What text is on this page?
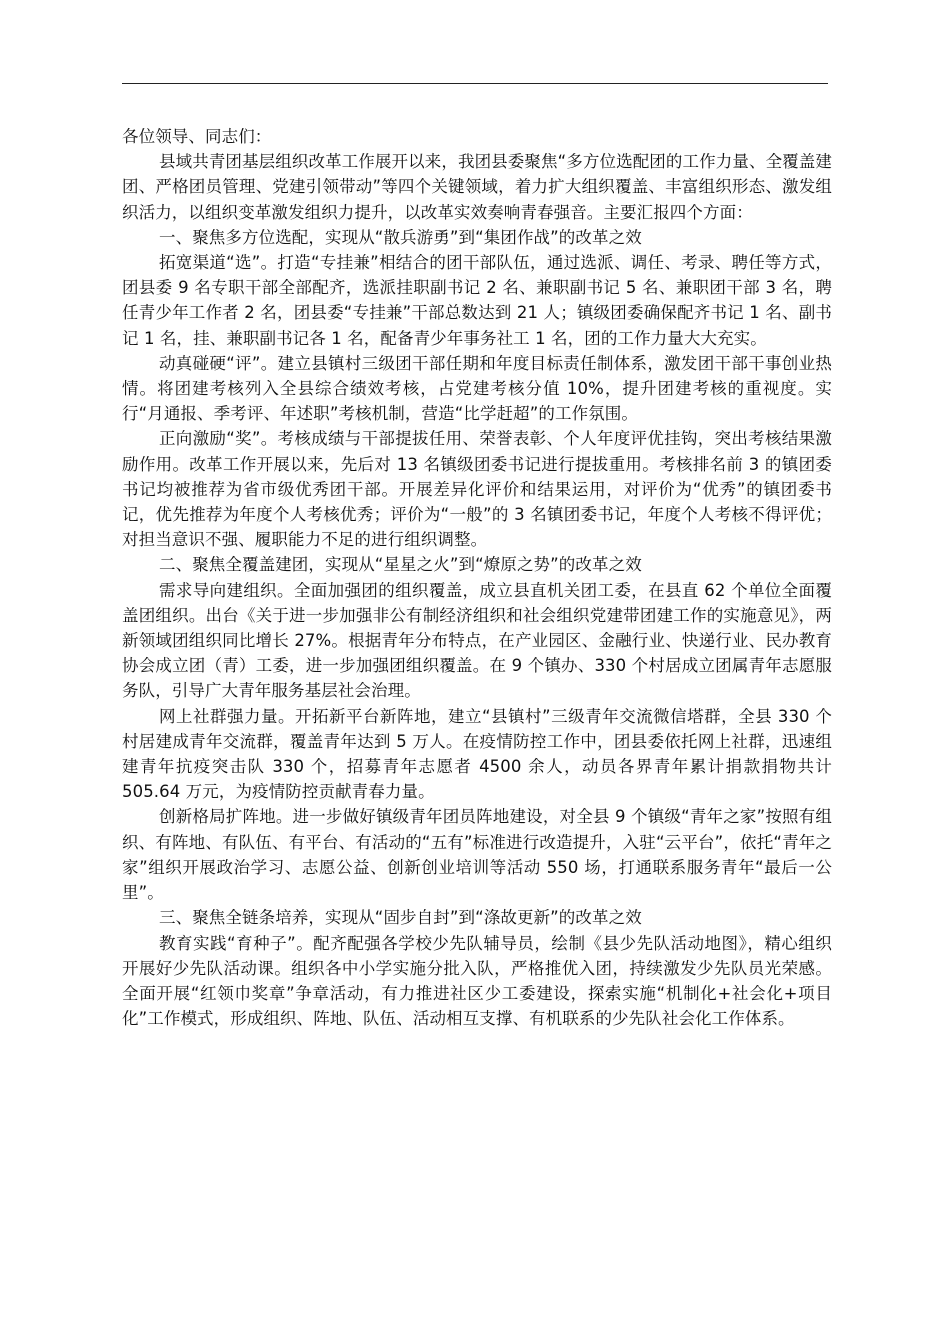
各位领导、同志们：

县域共青团基层组织改革工作展开以来，我团县委聚焦“多方位选配团的工作力量、全覆盖建团、严格团员管理、党建引领带动”等四个关键领域，着力扩大组织覆盖、丰富组织形态、激发组织活力，以组织变革激发组织力提升，以改革实效奏响青春强音。主要汇报四个方面：

一、聚焦多方位选配，实现从“散兵游勇”到“集团作战”的改革之效

拓宽渠道“选”。打造“专挂兼”相结合的团干部队伍，通过选派、调任、考录、聘任等方式，团县委 9 名专职干部全部配齐，选派挂职副书记 2 名、兼职副书记 5 名、兼职团干部 3 名，聘任青少年工作者 2 名，团县委“专挂兼”干部总数达到 21 人；镇级团委确保配齐书记 1 名、副书记 1 名，挂、兼职副书记各 1 名，配备青少年事务社工 1 名，团的工作力量大大充实。

动真碰硬“评”。建立县镇村三级团干部任期和年度目标责任制体系，激发团干部干事创业热情。将团建考核列入全县综合绩效考核，占党建考核分值 10%，提升团建考核的重视度。实行“月通报、季考评、年述职”考核机制，营造“比学赶超”的工作氛围。

正向激励“奖”。考核成绩与干部提拔任用、荣誉表彰、个人年度评优挂钩，突出考核结果激励作用。改革工作开展以来，先后对 13 名镇级团委书记进行提拔重用。考核排名前 3 的镇团委书记均被推荐为省市级优秀团干部。开展差异化评价和结果运用，对评价为“优秀”的镇团委书记，优先推荐为年度个人考核优秀；评价为“一般”的 3 名镇团委书记，年度个人考核不得评优；对担当意识不强、履职能力不足的进行组织调整。

二、聚焦全覆盖建团，实现从“星星之火”到“燎原之势”的改革之效

需求导向建组织。全面加强团的组织覆盖，成立县直机关团工委，在县直 62 个单位全面覆盖团组织。出台《关于进一步加强非公有制经济组织和社会组织党建带团建工作的实施意见》，两新领域团组织同比增长 27%。根据青年分布特点，在产业园区、金融行业、快递行业、民办教育协会成立团（青）工委，进一步加强团组织覆盖。在 9 个镇办、330 个村居成立团属青年志愿服务队，引导广大青年服务基层社会治理。

网上社群强力量。开拓新平台新阵地，建立“县镇村”三级青年交流微信塔群，全县 330 个村居建成青年交流群，覆盖青年达到 5 万人。在疫情防控工作中，团县委依托网上社群，迅速组建青年抗疫突击队 330 个，招募青年志愿者 4500 余人，动员各界青年累计捐款捐物共计 505.64 万元，为疫情防控贡献青春力量。

创新格局扩阵地。进一步做好镇级青年团员阵地建设，对全县 9 个镇级“青年之家”按照有组织、有阵地、有队伍、有平台、有活动的“五有”标准进行改造提升，入驻“云平台”，依托“青年之家”组织开展政治学习、志愿公益、创新创业培训等活动 550 场，打通联系服务青年“最后一公里”。

三、聚焦全链条培养，实现从“固步自封”到“涤故更新”的改革之效

教育实践“育种子”。配齐配强各学校少先队辅导员，绘制《县少先队活动地图》，精心组织开展好少先队活动课。组织各中小学实施分批入队，严格推优入团，持续激发少先队员光荣感。全面开展“红领巾奖章”争章活动，有力推进社区少工委建设，探索实施“机制化+社会化+项目化”工作模式，形成组织、阵地、队伍、活动相互支撑、有机联系的少先队社会化工作体系。
